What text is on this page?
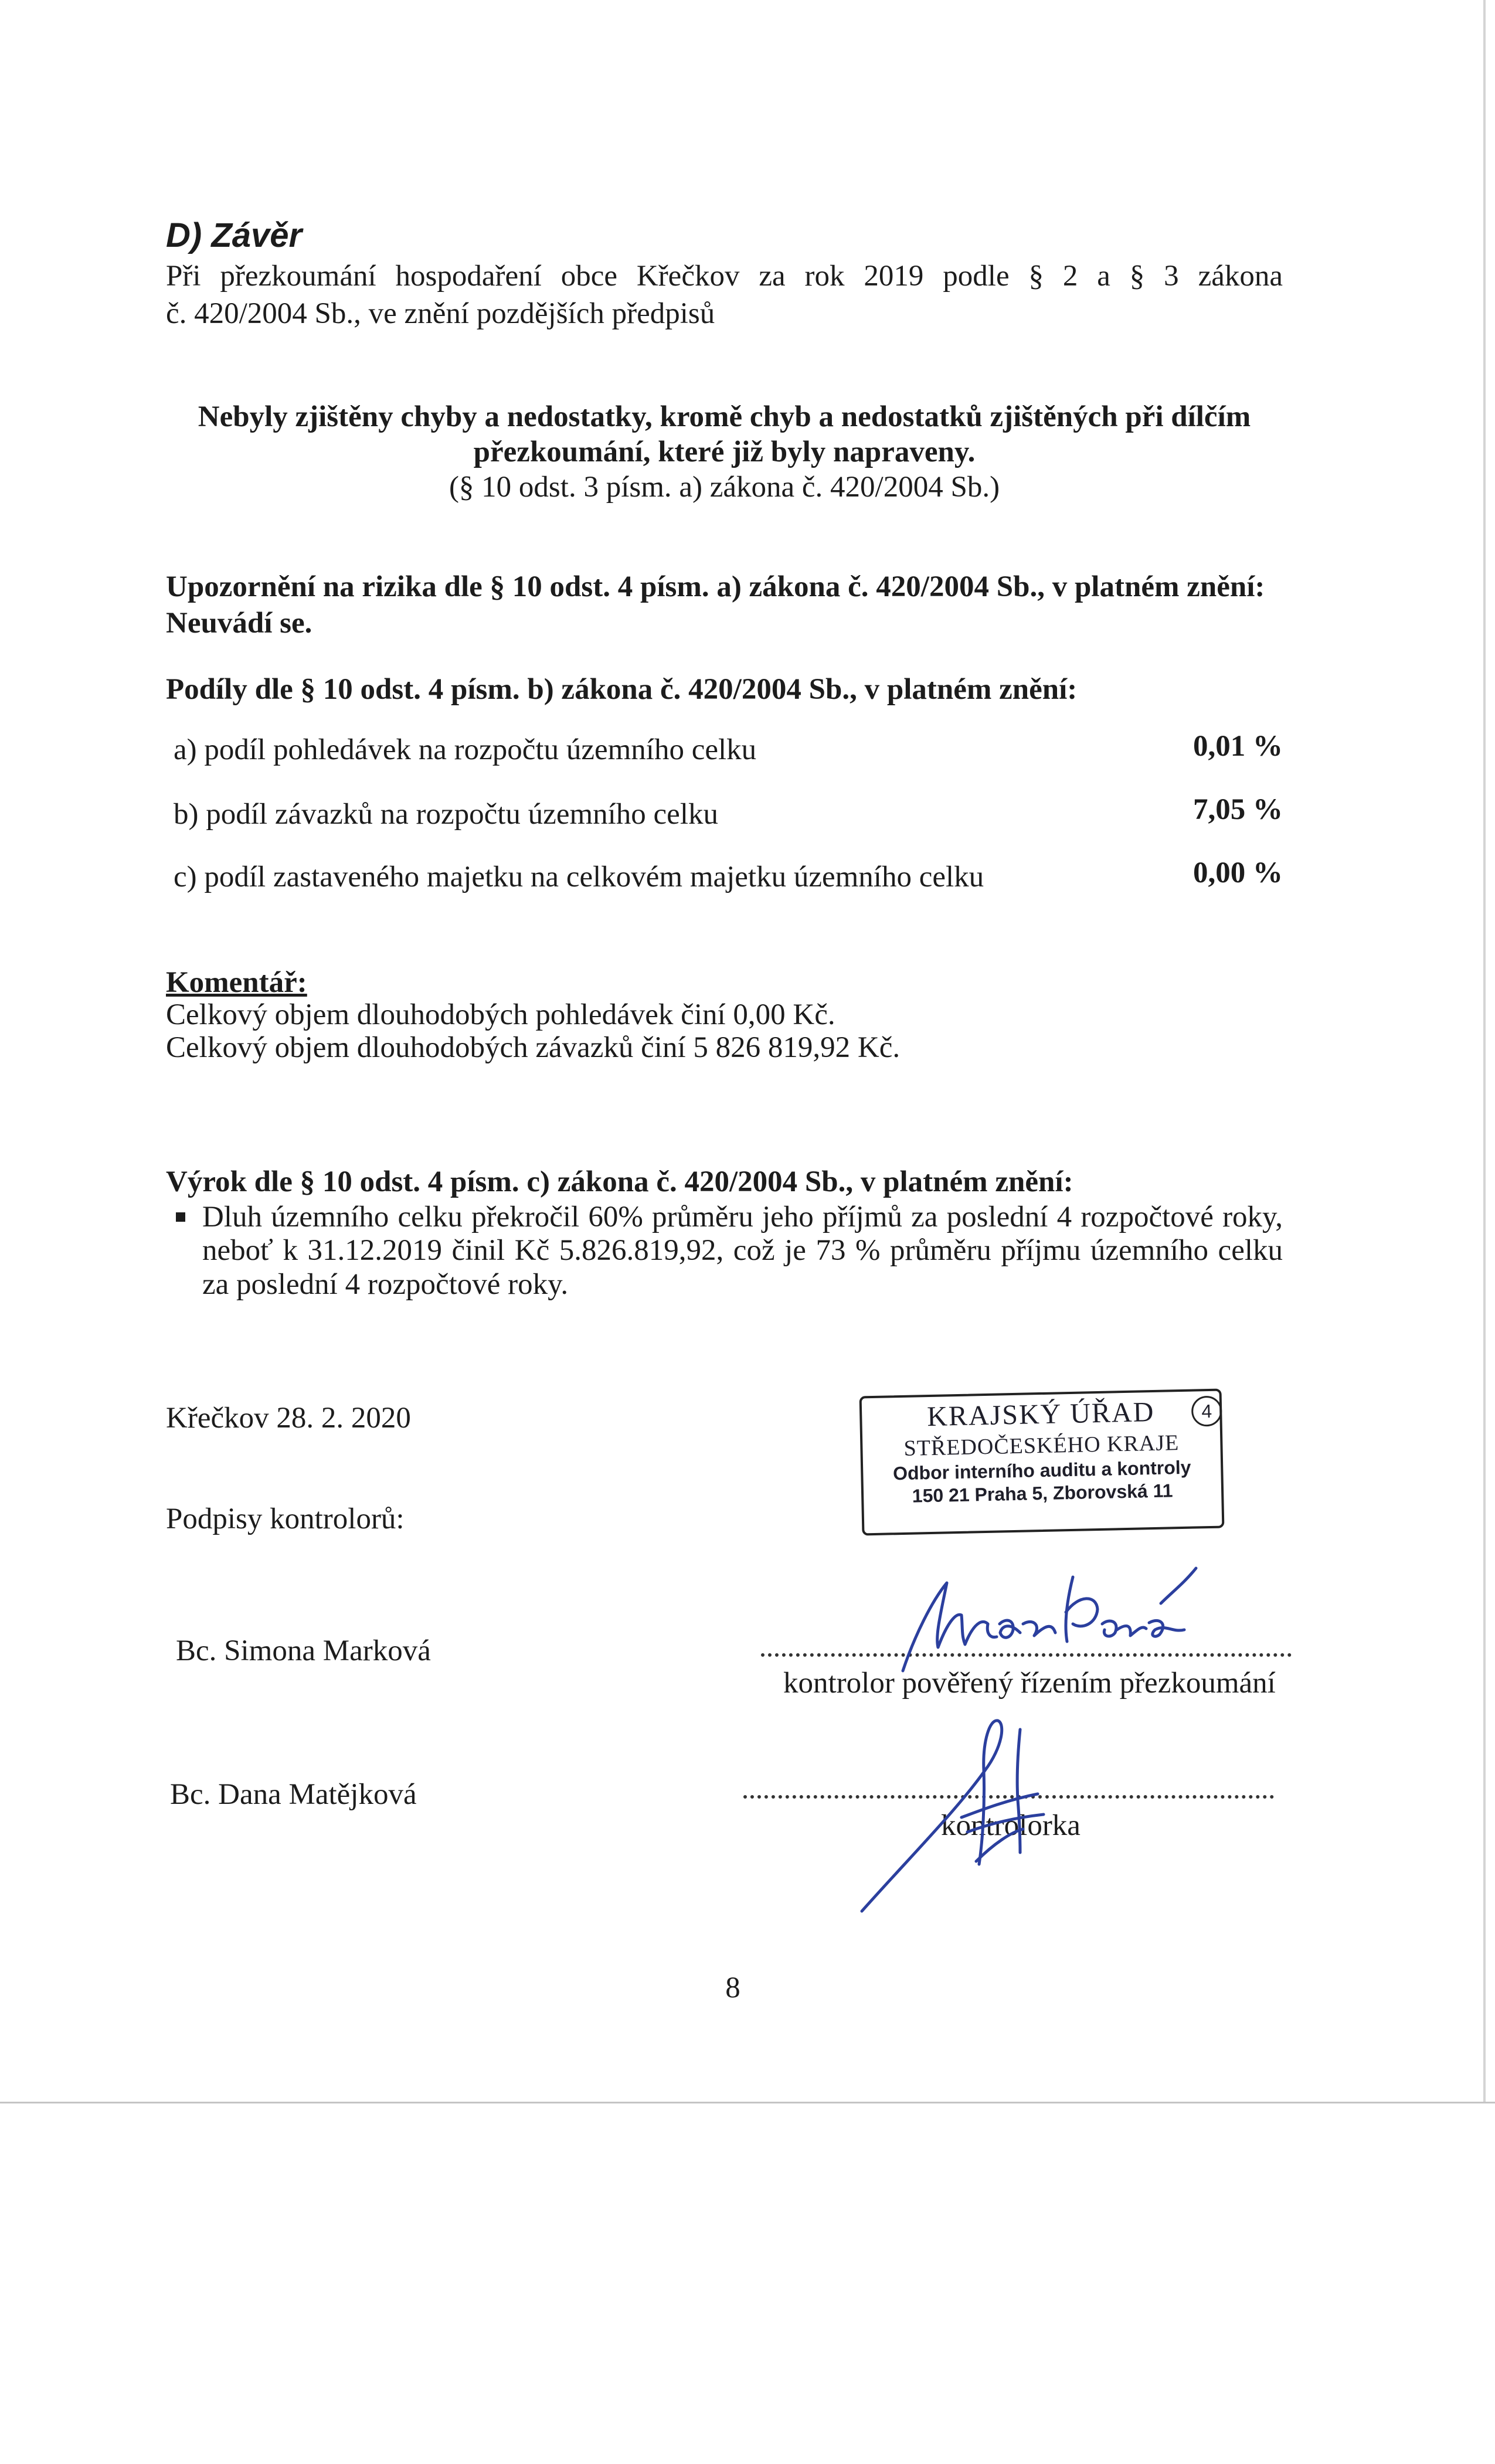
D) Závěr
Při přezkoumání hospodaření obce Křečkov za rok 2019 podle § 2 a § 3 zákona
č. 420/2004 Sb., ve znění pozdějších předpisů
Nebyly zjištěny chyby a nedostatky, kromě chyb a nedostatků zjištěných při dílčím
přezkoumání, které již byly napraveny.
(§ 10 odst. 3 písm. a) zákona č. 420/2004 Sb.)
Upozornění na rizika dle § 10 odst. 4 písm. a) zákona č. 420/2004 Sb., v platném znění:
Neuvádí se.
Podíly dle § 10 odst. 4 písm. b) zákona č. 420/2004 Sb., v platném znění:
a) podíl pohledávek na rozpočtu územního celku	0,01 %
b) podíl závazků na rozpočtu územního celku	7,05 %
c) podíl zastaveného majetku na celkovém majetku územního celku	0,00 %
Komentář:
Celkový objem dlouhodobých pohledávek činí 0,00 Kč.
Celkový objem dlouhodobých závazků činí 5 826 819,92 Kč.
Výrok dle § 10 odst. 4 písm. c) zákona č. 420/2004 Sb., v platném znění:
Dluh územního celku překročil 60% průměru jeho příjmů za poslední 4 rozpočtové roky,
neboť k 31.12.2019 činil Kč 5.826.819,92, což je 73 % průměru příjmu územního celku
za poslední 4 rozpočtové roky.
Křečkov 28. 2. 2020	KRAJSKÝ ÚŘAD
STŘEDOČESKÉHO KRAJE
Odbor interního auditu a kontroly
150 21 Praha 5, Zborovská 11
4
Podpisy kontrolorů:
Bc. Simona Marková
kontrolor pověřený řízením přezkoumání
Bc. Dana Matějková
kontrolorka
8
